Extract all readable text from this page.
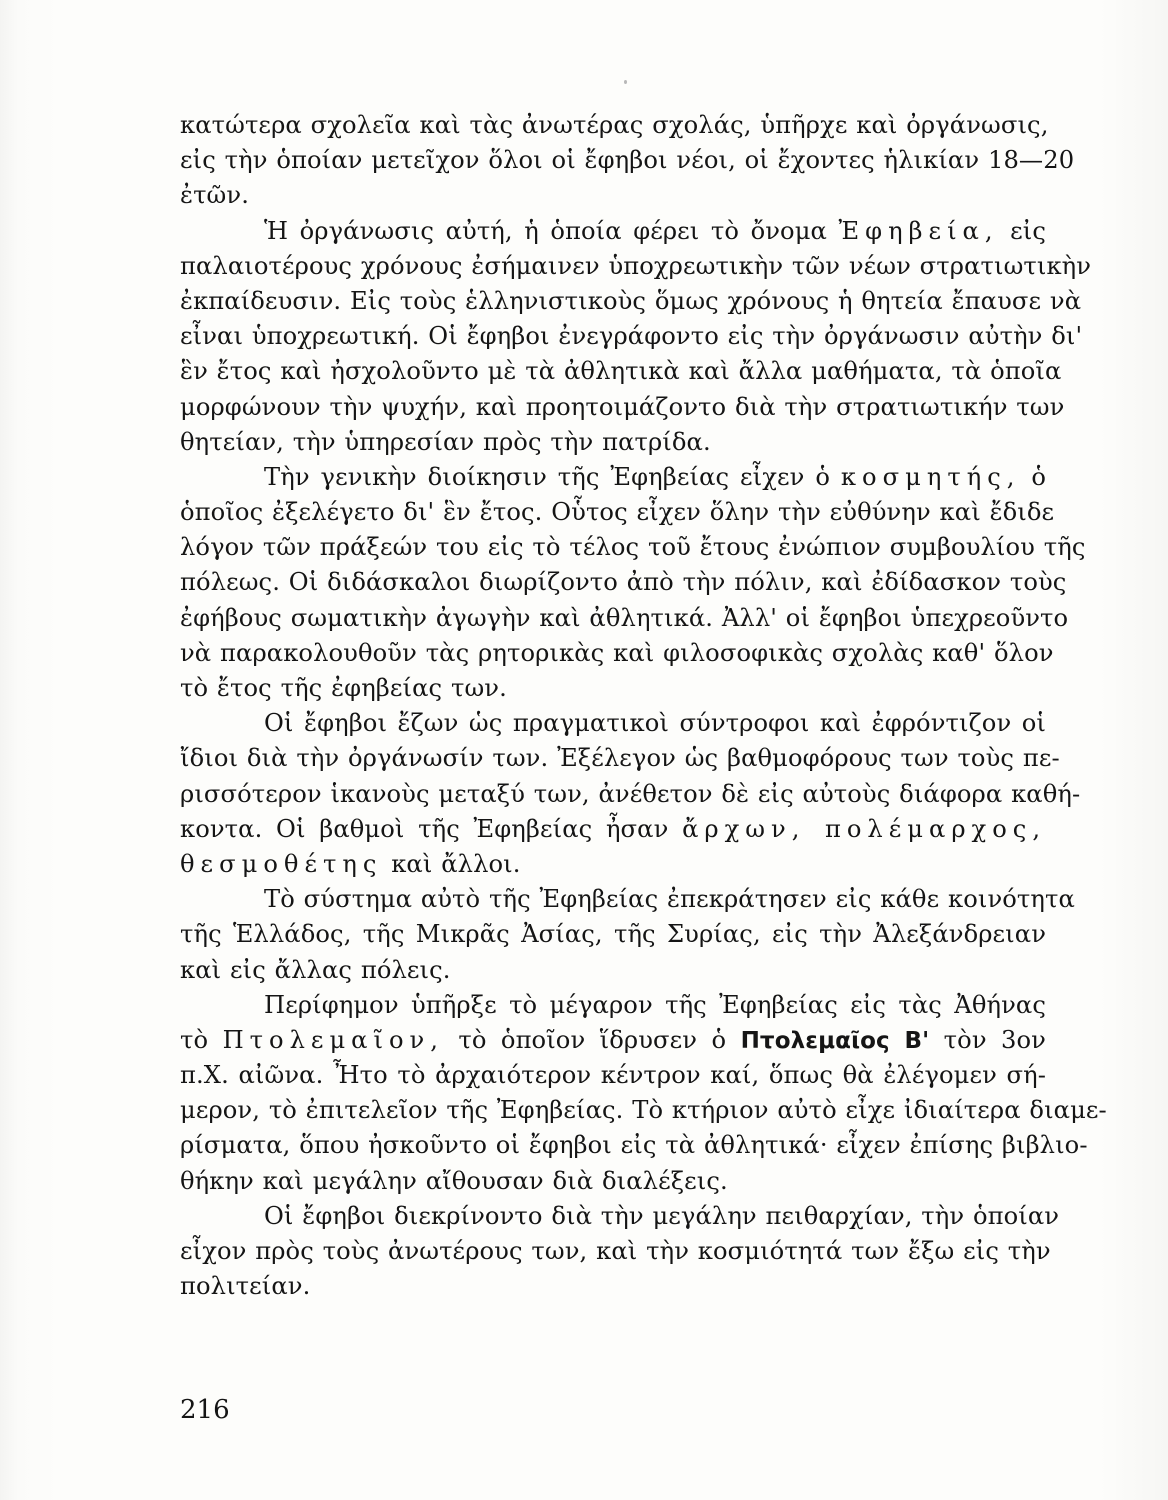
κατώτερα σχολεῖα καὶ τὰς ἀνωτέρας σχολάς, ὑπῆρχε καὶ ὀργάνωσις,
εἰς τὴν ὁποίαν μετεῖχον ὅλοι οἱ ἔφηβοι νέοι, οἱ ἔχοντες ἡλικίαν 18—20
ἐτῶν.
Ἡ ὀργάνωσις αὐτή, ἡ ὁποία φέρει τὸ ὄνομα Ἐφηβεία, εἰς
παλαιοτέρους χρόνους ἐσήμαινεν ὑποχρεωτικὴν τῶν νέων στρατιωτικὴν
ἐκπαίδευσιν. Εἰς τοὺς ἑλληνιστικοὺς ὅμως χρόνους ἡ θητεία ἔπαυσε νὰ
εἶναι ὑποχρεωτική. Οἱ ἔφηβοι ἐνεγράφοντο εἰς τὴν ὀργάνωσιν αὐτὴν δι'
ἓν ἔτος καὶ ἠσχολοῦντο μὲ τὰ ἀθλητικὰ καὶ ἄλλα μαθήματα, τὰ ὁποῖα
μορφώνουν τὴν ψυχήν, καὶ προητοιμάζοντο διὰ τὴν στρατιωτικήν των
θητείαν, τὴν ὑπηρεσίαν πρὸς τὴν πατρίδα.
Τὴν γενικὴν διοίκησιν τῆς Ἐφηβείας εἶχεν ὁ κοσμητής, ὁ
ὁποῖος ἐξελέγετο δι' ἓν ἔτος. Οὗτος εἶχεν ὅλην τὴν εὐθύνην καὶ ἔδιδε
λόγον τῶν πράξεών του εἰς τὸ τέλος τοῦ ἔτους ἐνώπιον συμβουλίου τῆς
πόλεως. Οἱ διδάσκαλοι διωρίζοντο ἀπὸ τὴν πόλιν, καὶ ἐδίδασκον τοὺς
ἐφήβους σωματικὴν ἀγωγὴν καὶ ἀθλητικά. Ἀλλ' οἱ ἔφηβοι ὑπεχρεοῦντο
νὰ παρακολουθοῦν τὰς ρητορικὰς καὶ φιλοσοφικὰς σχολὰς καθ' ὅλον
τὸ ἔτος τῆς ἐφηβείας των.
Οἱ ἔφηβοι ἔζων ὡς πραγματικοὶ σύντροφοι καὶ ἐφρόντιζον οἱ
ἴδιοι διὰ τὴν ὀργάνωσίν των. Ἐξέλεγον ὡς βαθμοφόρους των τοὺς πε-
ρισσότερον ἱκανοὺς μεταξύ των, ἀνέθετον δὲ εἰς αὐτοὺς διάφορα καθή-
κοντα. Οἱ βαθμοὶ τῆς Ἐφηβείας ἦσαν ἄρχων, πολέμαρχος,
θεσμοθέτης καὶ ἄλλοι.
Τὸ σύστημα αὐτὸ τῆς Ἐφηβείας ἐπεκράτησεν εἰς κάθε κοινότητα
τῆς Ἑλλάδος, τῆς Μικρᾶς Ἀσίας, τῆς Συρίας, εἰς τὴν Ἀλεξάνδρειαν
καὶ εἰς ἄλλας πόλεις.
Περίφημον ὑπῆρξε τὸ μέγαρον τῆς Ἐφηβείας εἰς τὰς Ἀθήνας
τὸ Πτολεμαῖον, τὸ ὁποῖον ἵδρυσεν ὁ Πτολεμαῖος Β' τὸν 3ον
π.Χ. αἰῶνα. Ἦτο τὸ ἀρχαιότερον κέντρον καί, ὅπως θὰ ἐλέγομεν σή-
μερον, τὸ ἐπιτελεῖον τῆς Ἐφηβείας. Τὸ κτήριον αὐτὸ εἶχε ἰδιαίτερα διαμε-
ρίσματα, ὅπου ἠσκοῦντο οἱ ἔφηβοι εἰς τὰ ἀθλητικά· εἶχεν ἐπίσης βιβλιο-
θήκην καὶ μεγάλην αἴθουσαν διὰ διαλέξεις.
Οἱ ἔφηβοι διεκρίνοντο διὰ τὴν μεγάλην πειθαρχίαν, τὴν ὁποίαν
εἶχον πρὸς τοὺς ἀνωτέρους των, καὶ τὴν κοσμιότητά των ἔξω εἰς τὴν
πολιτείαν.
216
